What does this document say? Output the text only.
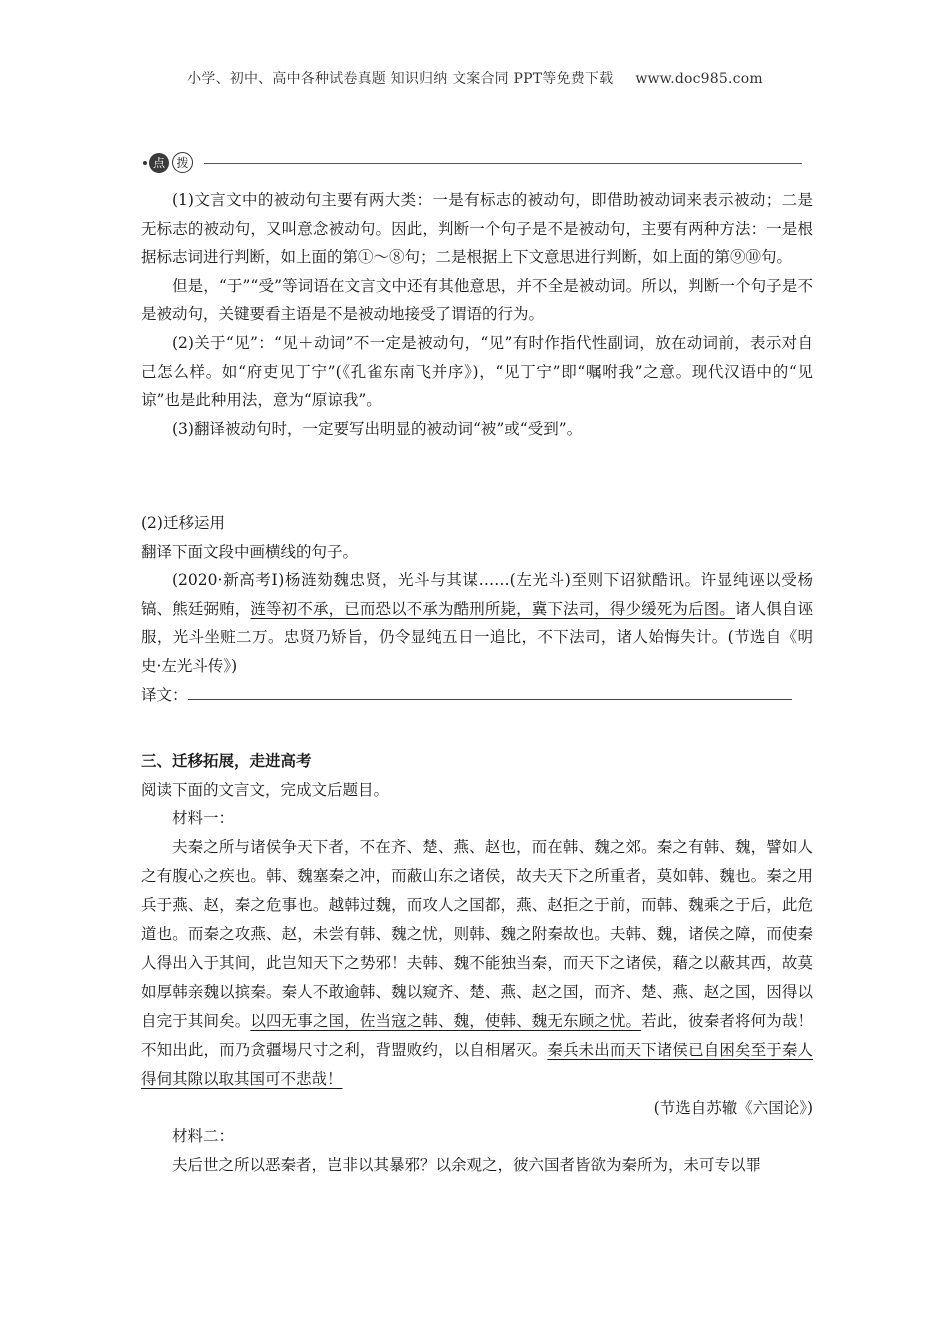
小学、初中、高中各种试卷真题 知识归纳 文案合同 PPT等免费下载 www.doc985.com
点 拨

(1)文言文中的被动句主要有两大类：一是有标志的被动句，即借助被动词来表示被动；二是无标志的被动句，又叫意念被动句。因此，判断一个句子是不是被动句，主要有两种方法：一是根据标志词进行判断，如上面的第①～⑧句；二是根据上下文意思进行判断，如上面的第⑨⑩句。

但是，“于”“受”等词语在文言文中还有其他意思，并不全是被动词。所以，判断一个句子是不是被动句，关键要看主语是不是被动地接受了谓语的行为。

(2)关于“见”：“见＋动词”不一定是被动句，“见”有时作指代性副词，放在动词前，表示对自己怎么样。如“府吏见丁宁”(《孔雀东南飞并序》)，“见丁宁”即“嘱咐我”之意。现代汉语中的“见谅”也是此种用法，意为“原谅我”。

(3)翻译被动句时，一定要写出明显的被动词“被”或“受到”。

(2)迁移运用

翻译下面文段中画横线的句子。

(2020·新高考Ⅰ)杨涟劾魏忠贤，光斗与其谋……(左光斗)至则下诏狱酷讯。许显纯诬以受杨镐、熊廷弼贿，涟等初不承，已而恐以不承为酷刑所毙，冀下法司，得少缓死为后图。诸人俱自诬服，光斗坐赃二万。忠贤乃矫旨，仍令显纯五日一追比，不下法司，诸人始悔失计。(节选自《明史·左光斗传》)

译文：

三、迁移拓展，走进高考

阅读下面的文言文，完成文后题目。

材料一：

夫秦之所与诸侯争天下者，不在齐、楚、燕、赵也，而在韩、魏之郊。秦之有韩、魏，譬如人之有腹心之疾也。韩、魏塞秦之冲，而蔽山东之诸侯，故夫天下之所重者，莫如韩、魏也。秦之用兵于燕、赵，秦之危事也。越韩过魏，而攻人之国都，燕、赵拒之于前，而韩、魏乘之于后，此危道也。而秦之攻燕、赵，未尝有韩、魏之忧，则韩、魏之附秦故也。夫韩、魏，诸侯之障，而使秦人得出入于其间，此岂知天下之势邪！夫韩、魏不能独当秦，而天下之诸侯，藉之以蔽其西，故莫如厚韩亲魏以摈秦。秦人不敢逾韩、魏以窥齐、楚、燕、赵之国，而齐、楚、燕、赵之国，因得以自完于其间矣。以四无事之国，佐当寇之韩、魏，使韩、魏无东顾之忧。若此，彼秦者将何为哉！不知出此，而乃贪疆埸尺寸之利，背盟败约，以自相屠灭。秦兵未出而天下诸侯已自困矣至于秦人得伺其隙以取其国可不悲哉！

(节选自苏辙《六国论》)

材料二：

夫后世之所以恶秦者，岂非以其暴邪？以余观之，彼六国者皆欲为秦所为，未可专以罪
